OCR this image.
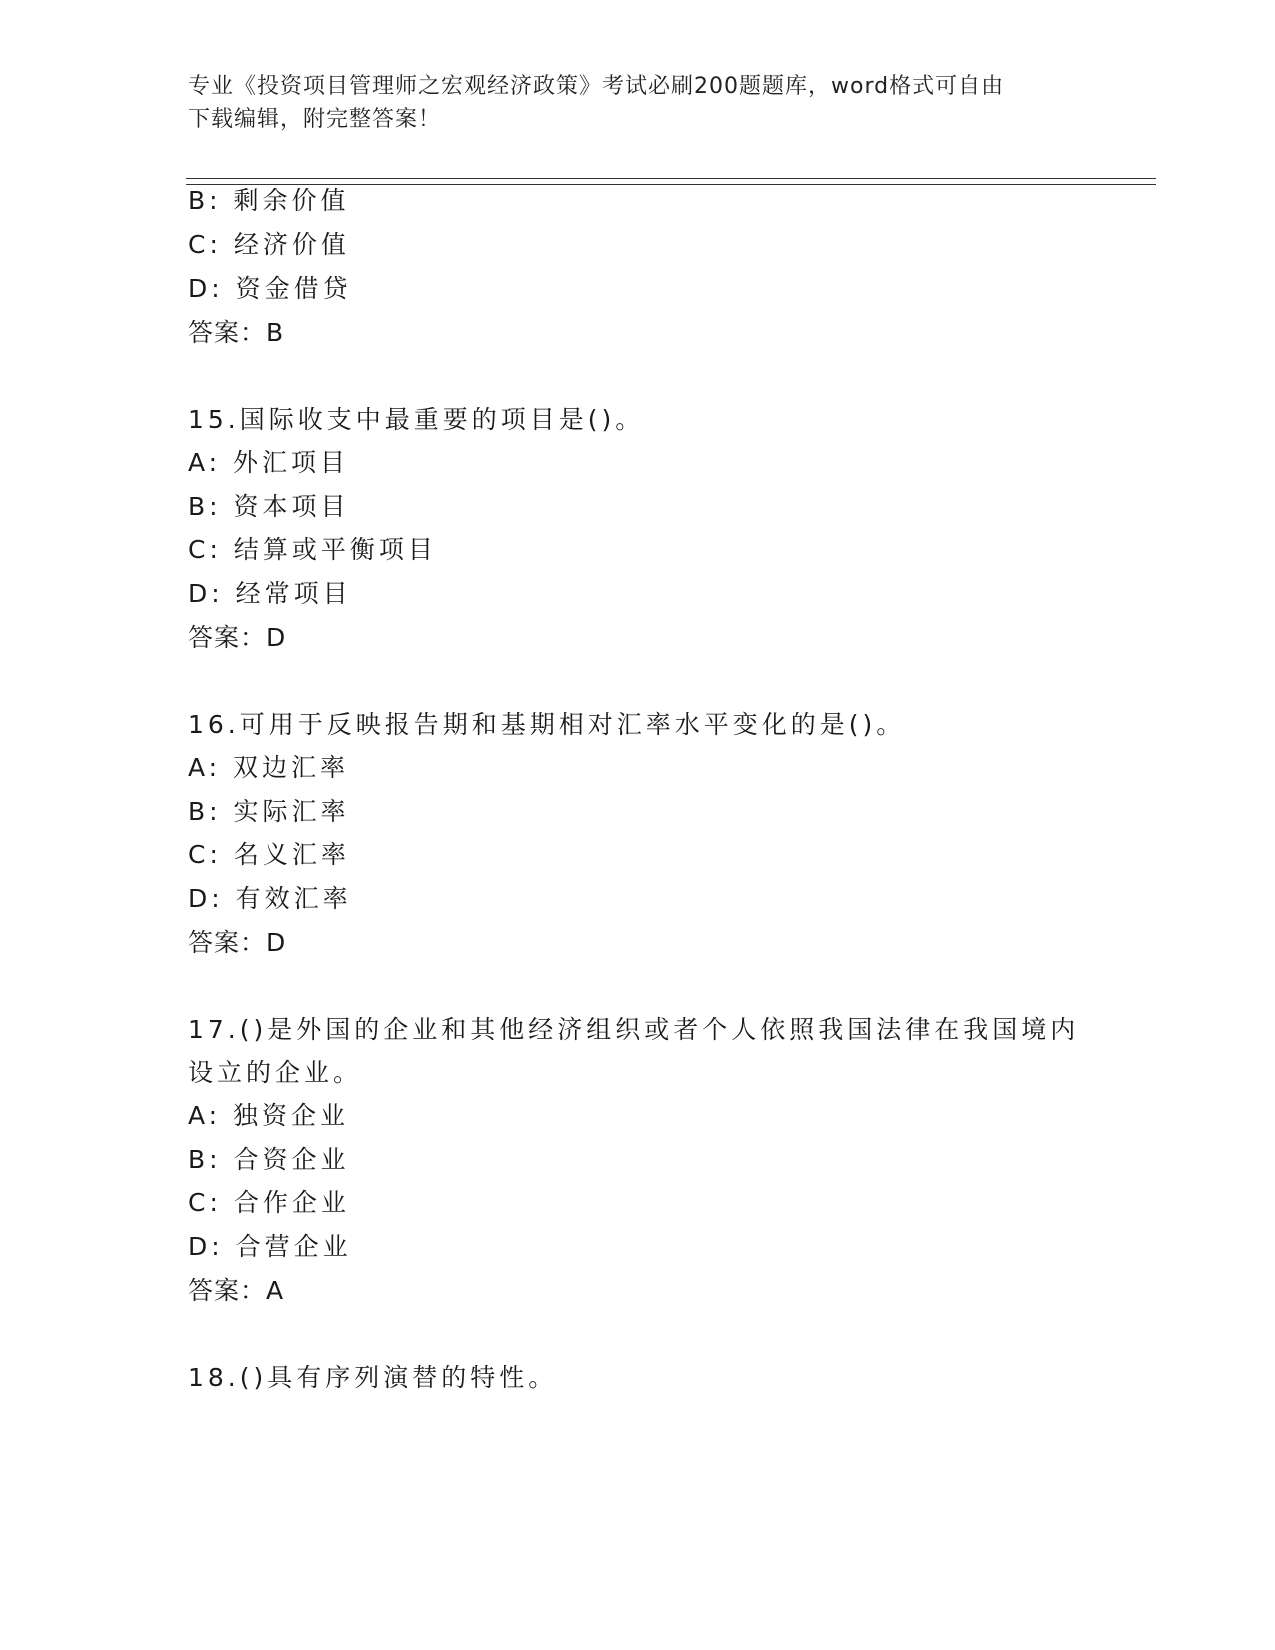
专业《投资项目管理师之宏观经济政策》考试必刷200题题库，word格式可自由
下载编辑，附完整答案！
B: 剩余价值
C: 经济价值
D: 资金借贷
答案：B
15.国际收支中最重要的项目是()。
A: 外汇项目
B: 资本项目
C: 结算或平衡项目
D: 经常项目
答案：D
16.可用于反映报告期和基期相对汇率水平变化的是()。
A: 双边汇率
B: 实际汇率
C: 名义汇率
D: 有效汇率
答案：D
17.()是外国的企业和其他经济组织或者个人依照我国法律在我国境内
设立的企业。
A: 独资企业
B: 合资企业
C: 合作企业
D: 合营企业
答案：A
18.()具有序列演替的特性。
